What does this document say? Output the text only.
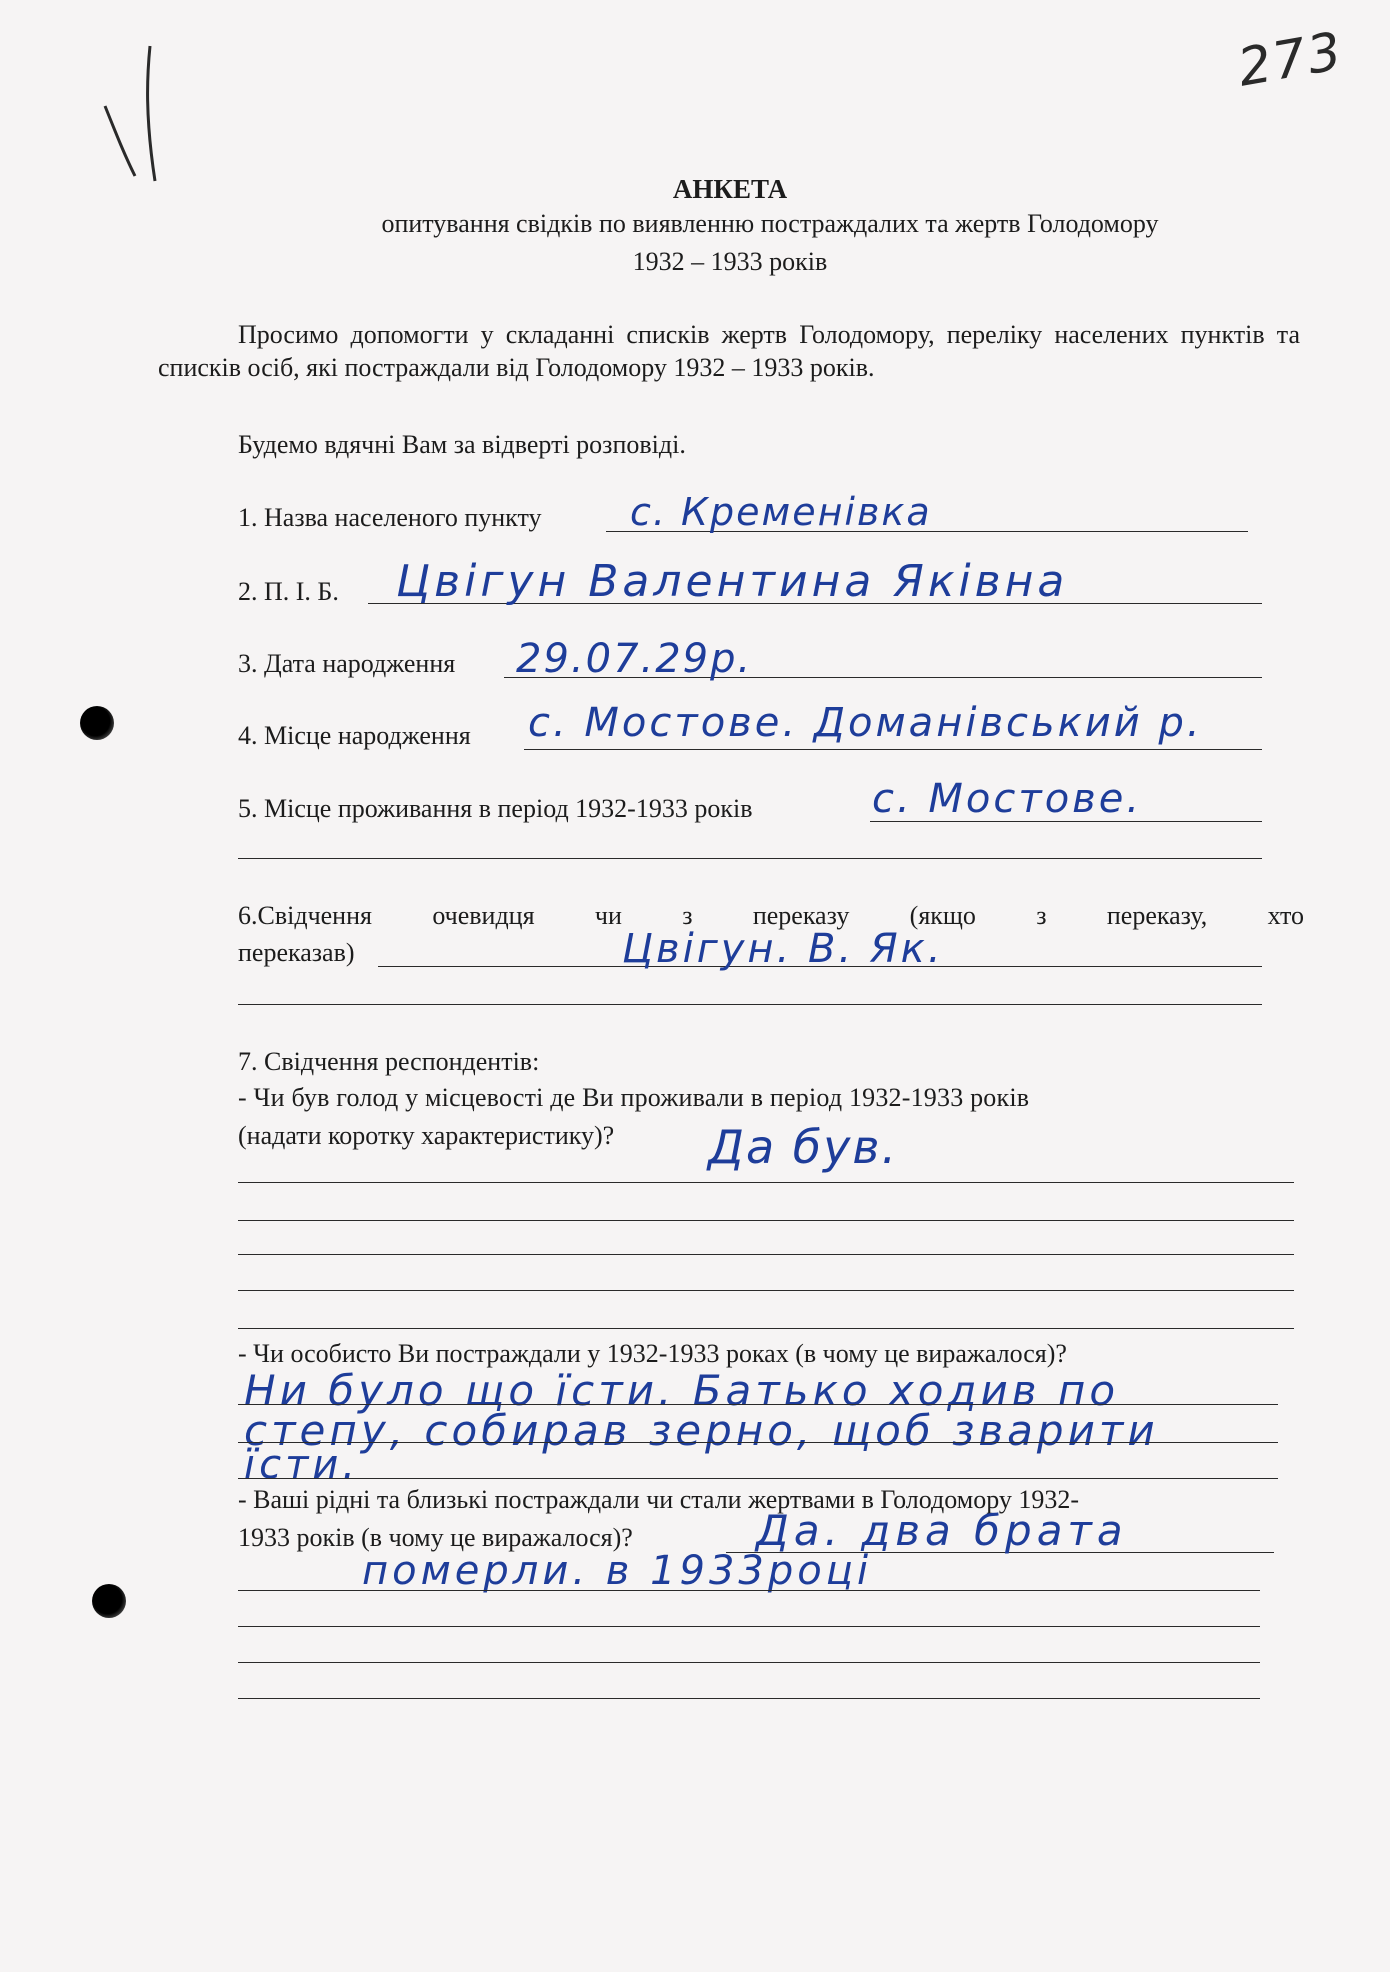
273
АНКЕТА
опитування свідків по виявленню постраждалих та жертв Голодомору
1932 – 1933 років
Просимо допомогти у складанні списків жертв Голодомору, переліку населених пунктів та списків осіб, які постраждали від Голодомору 1932 – 1933 років.
Будемо вдячні Вам за відверті розповіді.
1. Назва населеного пункту с. Кременівка
2. П. І. Б. Цвігун Валентина Яківна
3. Дата народження 29.07.29р.
4. Місце народження с. Мостове. Доманівський р.
5. Місце проживання в період 1932-1933 років	с. Мостове.
6.Свідчення очевидця чи з переказу (якщо з переказу, хто
переказав)	Цвігун. В. Як.
7. Свідчення респондентів:
- Чи був голод у місцевості де Ви проживали в період 1932-1933 років
(надати коротку характеристику)? Да був.
- Чи особисто Ви постраждали у 1932-1933 роках (в чому це виражалося)?
Ни було що їсти. Батько ходив по
степу, собирав зерно, щоб зварити
їсти.
- Ваші рідні та близькі постраждали чи стали жертвами в Голодомору 1932-
1933 років (в чому це виражалося)?	Да. два брата
померли. в 1933році
